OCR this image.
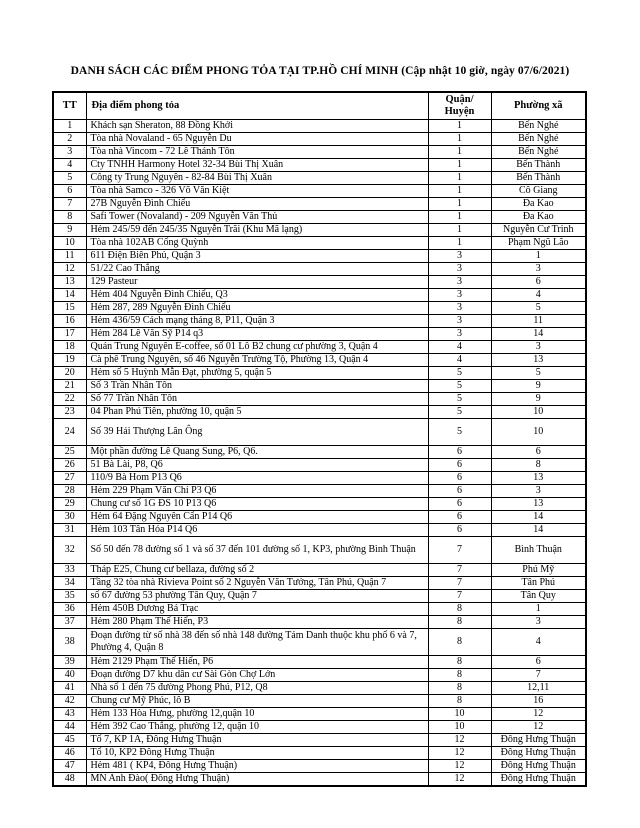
DANH SÁCH CÁC ĐIỂM PHONG TỎA TẠI TP.HỒ CHÍ MINH (Cập nhật 10 giờ, ngày 07/6/2021)
TT	Địa điểm phong tỏa	Quận/ Huyện	Phường xã
1	Khách sạn Sheraton, 88 Đồng Khởi	1	Bến Nghé
2	Tòa nhà Novaland - 65 Nguyễn Du	1	Bến Nghé
3	Tòa nhà Vincom - 72 Lê Thánh Tôn	1	Bến Nghé
4	Cty TNHH Harmony Hotel 32-34 Bùi Thị Xuân	1	Bến Thành
5	Công ty Trung Nguyên - 82-84 Bùi Thị Xuân	1	Bến Thành
6	Tòa nhà Samco - 326 Võ Văn Kiệt	1	Cô Giang
7	27B Nguyễn Đình Chiểu	1	Đa Kao
8	Safi Tower (Novaland) - 209 Nguyễn Văn Thủ	1	Đa Kao
9	Hẻm 245/59 đến 245/35 Nguyễn Trãi (Khu Mã lạng)	1	Nguyễn Cư Trinh
10	Tòa nhà 102AB Cống Quỳnh	1	Phạm Ngũ Lão
11	611 Điện Biên Phủ, Quận 3	3	1
12	51/22 Cao Thắng	3	3
13	129 Pasteur	3	6
14	Hẻm 404 Nguyễn Đình Chiểu, Q3	3	4
15	Hẻm 287, 289 Nguyễn Đình Chiểu	3	5
16	Hẻm 436/59 Cách mạng tháng 8, P11, Quận 3	3	11
17	Hẻm 284 Lê Văn Sỹ P14 q3	3	14
18	Quán Trung Nguyên E-coffee, số 01 Lô B2 chung cư phường 3, Quận 4	4	3
19	Cà phê Trung Nguyên, số 46 Nguyễn Trường Tộ, Phường 13, Quận 4	4	13
20	Hẻm số 5 Huỳnh Mẫn Đạt, phường 5, quận 5	5	5
21	Số 3 Trần Nhân Tôn	5	9
22	Số 77 Trần Nhân Tôn	5	9
23	04 Phan Phú Tiên, phường 10, quận 5	5	10
24	Số 39 Hải Thượng Lãn Ông	5	10
25	Một phần đường Lê Quang Sung, P6, Q6.	6	6
26	51 Bà Lài, P8, Q6	6	8
27	110/9 Bà Hom P13 Q6	6	13
28	Hẻm 229 Phạm Văn Chí P3 Q6	6	3
29	Chung cư số 1G ĐS 10 P13 Q6	6	13
30	Hẻm 64 Đặng Nguyên Cẩn P14 Q6	6	14
31	Hẻm 103 Tân Hóa P14 Q6	6	14
32	Số 50 đến 78 đường số 1 và số 37 đến 101 đường số 1, KP3, phường Bình Thuận	7	Bình Thuận
33	Tháp E25, Chung cư bellaza, đường số 2	7	Phú Mỹ
34	Tầng 32 tòa nhà Rivieva Point số 2 Nguyễn Văn Tưởng, Tân Phú, Quận 7	7	Tân Phú
35	số 67 đường 53 phường Tân Quy, Quận 7	7	Tân Quy
36	Hẻm 450B Dương Bá Trạc	8	1
37	Hẻm 280 Phạm Thế Hiển, P3	8	3
38	Đoạn đường từ số nhà 38 đến số nhà 148 đường Tám Danh thuộc khu phố 6 và 7, Phường 4, Quận 8	8	4
39	Hẻm 2129 Phạm Thế Hiển, P6	8	6
40	Đoạn đường D7 khu dân cư Sài Gòn Chợ Lớn	8	7
41	Nhà số 1 đến 75 đường Phong Phú, P12, Q8	8	12,11
42	Chung cư Mỹ Phúc, lô B	8	16
43	Hẻm 133 Hòa Hưng, phường 12,quận 10	10	12
44	Hẻm 392 Cao Thắng, phường 12, quận 10	10	12
45	Tổ 7, KP 1A, Đông Hưng Thuận	12	Đông Hưng Thuận
46	Tổ 10, KP2 Đông Hưng Thuận	12	Đông Hưng Thuận
47	Hẻm 481 ( KP4, Đông Hưng Thuận)	12	Đông Hưng Thuận
48	MN Anh Đào( Đông Hưng Thuận)	12	Đông Hưng Thuận
